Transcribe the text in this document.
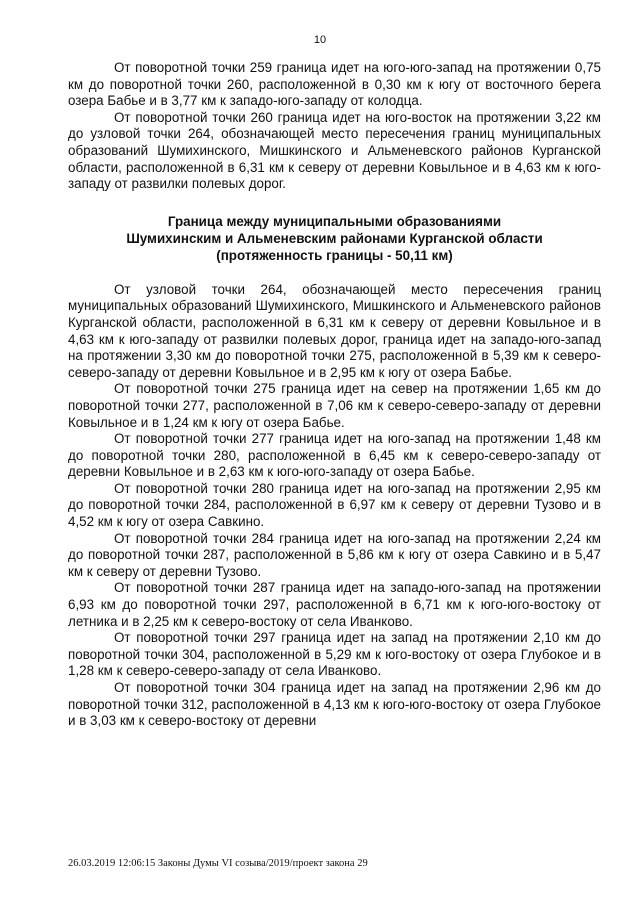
10

От поворотной точки 259 граница идет на юго-юго-запад на протяжении 0,75 км до поворотной точки 260, расположенной в 0,30 км к югу от восточного берега озера Бабье и в 3,77 км к западо-юго-западу от колодца.

От поворотной точки 260 граница идет на юго-восток на протяжении 3,22 км до узловой точки 264, обозначающей место пересечения границ муниципальных образований Шумихинского, Мишкинского и Альменевского районов Курганской области, расположенной в 6,31 км к северу от деревни Ковыльное и в 4,63 км к юго-западу от развилки полевых дорог.

Граница между муниципальными образованиями
Шумихинским и Альменевским районами Курганской области
(протяженность границы - 50,11 км)

От узловой точки 264, обозначающей место пересечения границ муниципальных образований Шумихинского, Мишкинского и Альменевского районов Курганской области, расположенной в 6,31 км к северу от деревни Ковыльное и в 4,63 км к юго-западу от развилки полевых дорог, граница идет на западо-юго-запад на протяжении 3,30 км до поворотной точки 275, расположенной в 5,39 км к северо-северо-западу от деревни Ковыльное и в 2,95 км к югу от озера Бабье.

От поворотной точки 275 граница идет на север на протяжении 1,65 км до поворотной точки 277, расположенной в 7,06 км к северо-северо-западу от деревни Ковыльное и в 1,24 км к югу от озера Бабье.

От поворотной точки 277 граница идет на юго-запад на протяжении 1,48 км до поворотной точки 280, расположенной в 6,45 км к северо-северо-западу от деревни Ковыльное и в 2,63 км к юго-юго-западу от озера Бабье.

От поворотной точки 280 граница идет на юго-запад на протяжении 2,95 км до поворотной точки 284, расположенной в 6,97 км к северу от деревни Тузово и в 4,52 км к югу от озера Савкино.

От поворотной точки 284 граница идет на юго-запад на протяжении 2,24 км до поворотной точки 287, расположенной в 5,86 км к югу от озера Савкино и в 5,47 км к северу от деревни Тузово.

От поворотной точки 287 граница идет на западо-юго-запад на протяжении 6,93 км до поворотной точки 297, расположенной в 6,71 км к юго-юго-востоку от летника и в 2,25 км к северо-востоку от села Иванково.

От поворотной точки 297 граница идет на запад на протяжении 2,10 км до поворотной точки 304, расположенной в 5,29 км к юго-востоку от озера Глубокое и в 1,28 км к северо-северо-западу от села Иванково.

От поворотной точки 304 граница идет на запад на протяжении 2,96 км до поворотной точки 312, расположенной в 4,13 км к юго-юго-востоку от озера Глубокое и в 3,03 км к северо-востоку от деревни

26.03.2019 12:06:15 Законы Думы VI созыва/2019/проект закона 29
